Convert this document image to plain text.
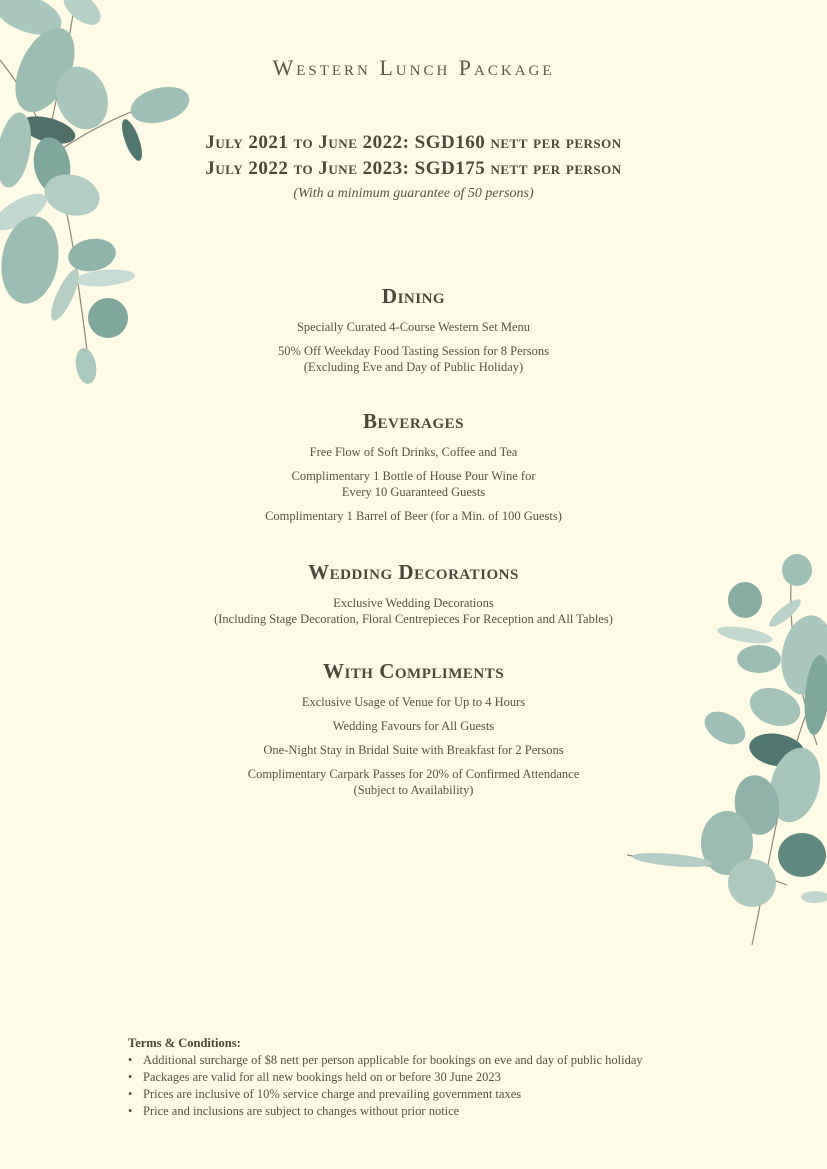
Western Lunch Package
July 2021 to June 2022: SGD160 nett per person
July 2022 to June 2023: SGD175 nett per person
(With a minimum guarantee of 50 persons)
Dining
Specially Curated 4-Course Western Set Menu
50% Off Weekday Food Tasting Session for 8 Persons
(Excluding Eve and Day of Public Holiday)
Beverages
Free Flow of Soft Drinks, Coffee and Tea
Complimentary 1 Bottle of House Pour Wine for
Every 10 Guaranteed Guests
Complimentary 1 Barrel of Beer (for a Min. of 100 Guests)
Wedding Decorations
Exclusive Wedding Decorations
(Including Stage Decoration, Floral Centrepieces For Reception and All Tables)
With Compliments
Exclusive Usage of Venue for Up to 4 Hours
Wedding Favours for All Guests
One-Night Stay in Bridal Suite with Breakfast for 2 Persons
Complimentary Carpark Passes for 20% of Confirmed Attendance
(Subject to Availability)
Terms & Conditions:
• Additional surcharge of $8 nett per person applicable for bookings on eve and day of public holiday
• Packages are valid for all new bookings held on or before 30 June 2023
• Prices are inclusive of 10% service charge and prevailing government taxes
• Price and inclusions are subject to changes without prior notice
